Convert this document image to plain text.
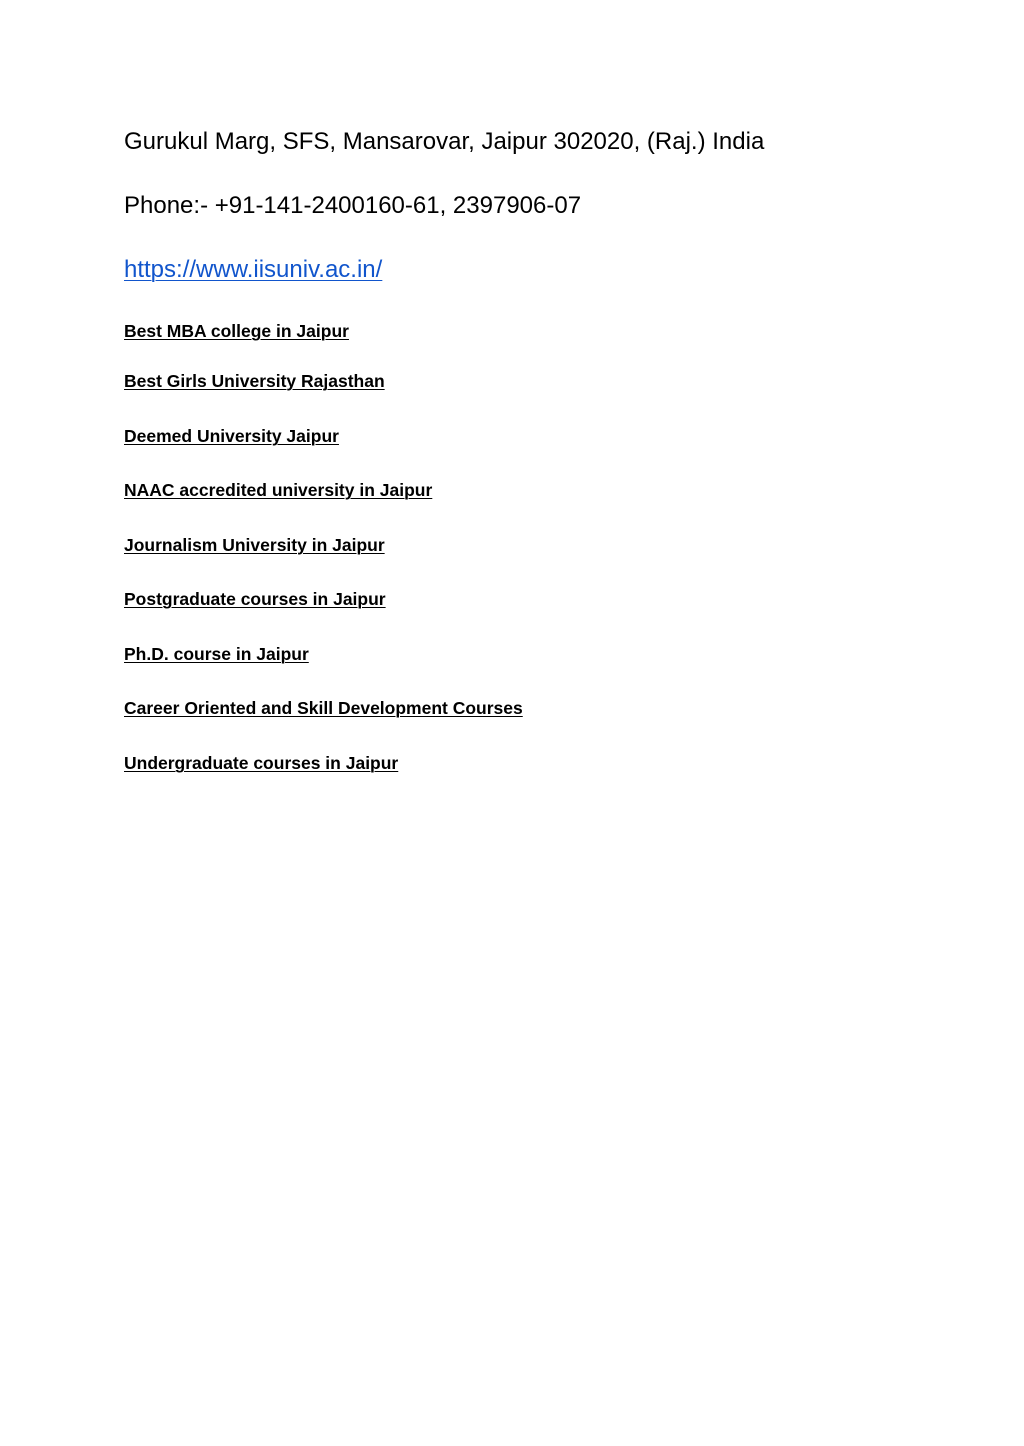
Gurukul Marg, SFS, Mansarovar, Jaipur 302020, (Raj.) India

Phone:- +91-141-2400160-61, 2397906-07

https://www.iisuniv.ac.in/
Best MBA college in Jaipur
Best Girls University Rajasthan
Deemed University Jaipur
NAAC accredited university in Jaipur
Journalism University in Jaipur
Postgraduate courses in Jaipur
Ph.D. course in Jaipur
Career Oriented and Skill Development Courses
Undergraduate courses in Jaipur
